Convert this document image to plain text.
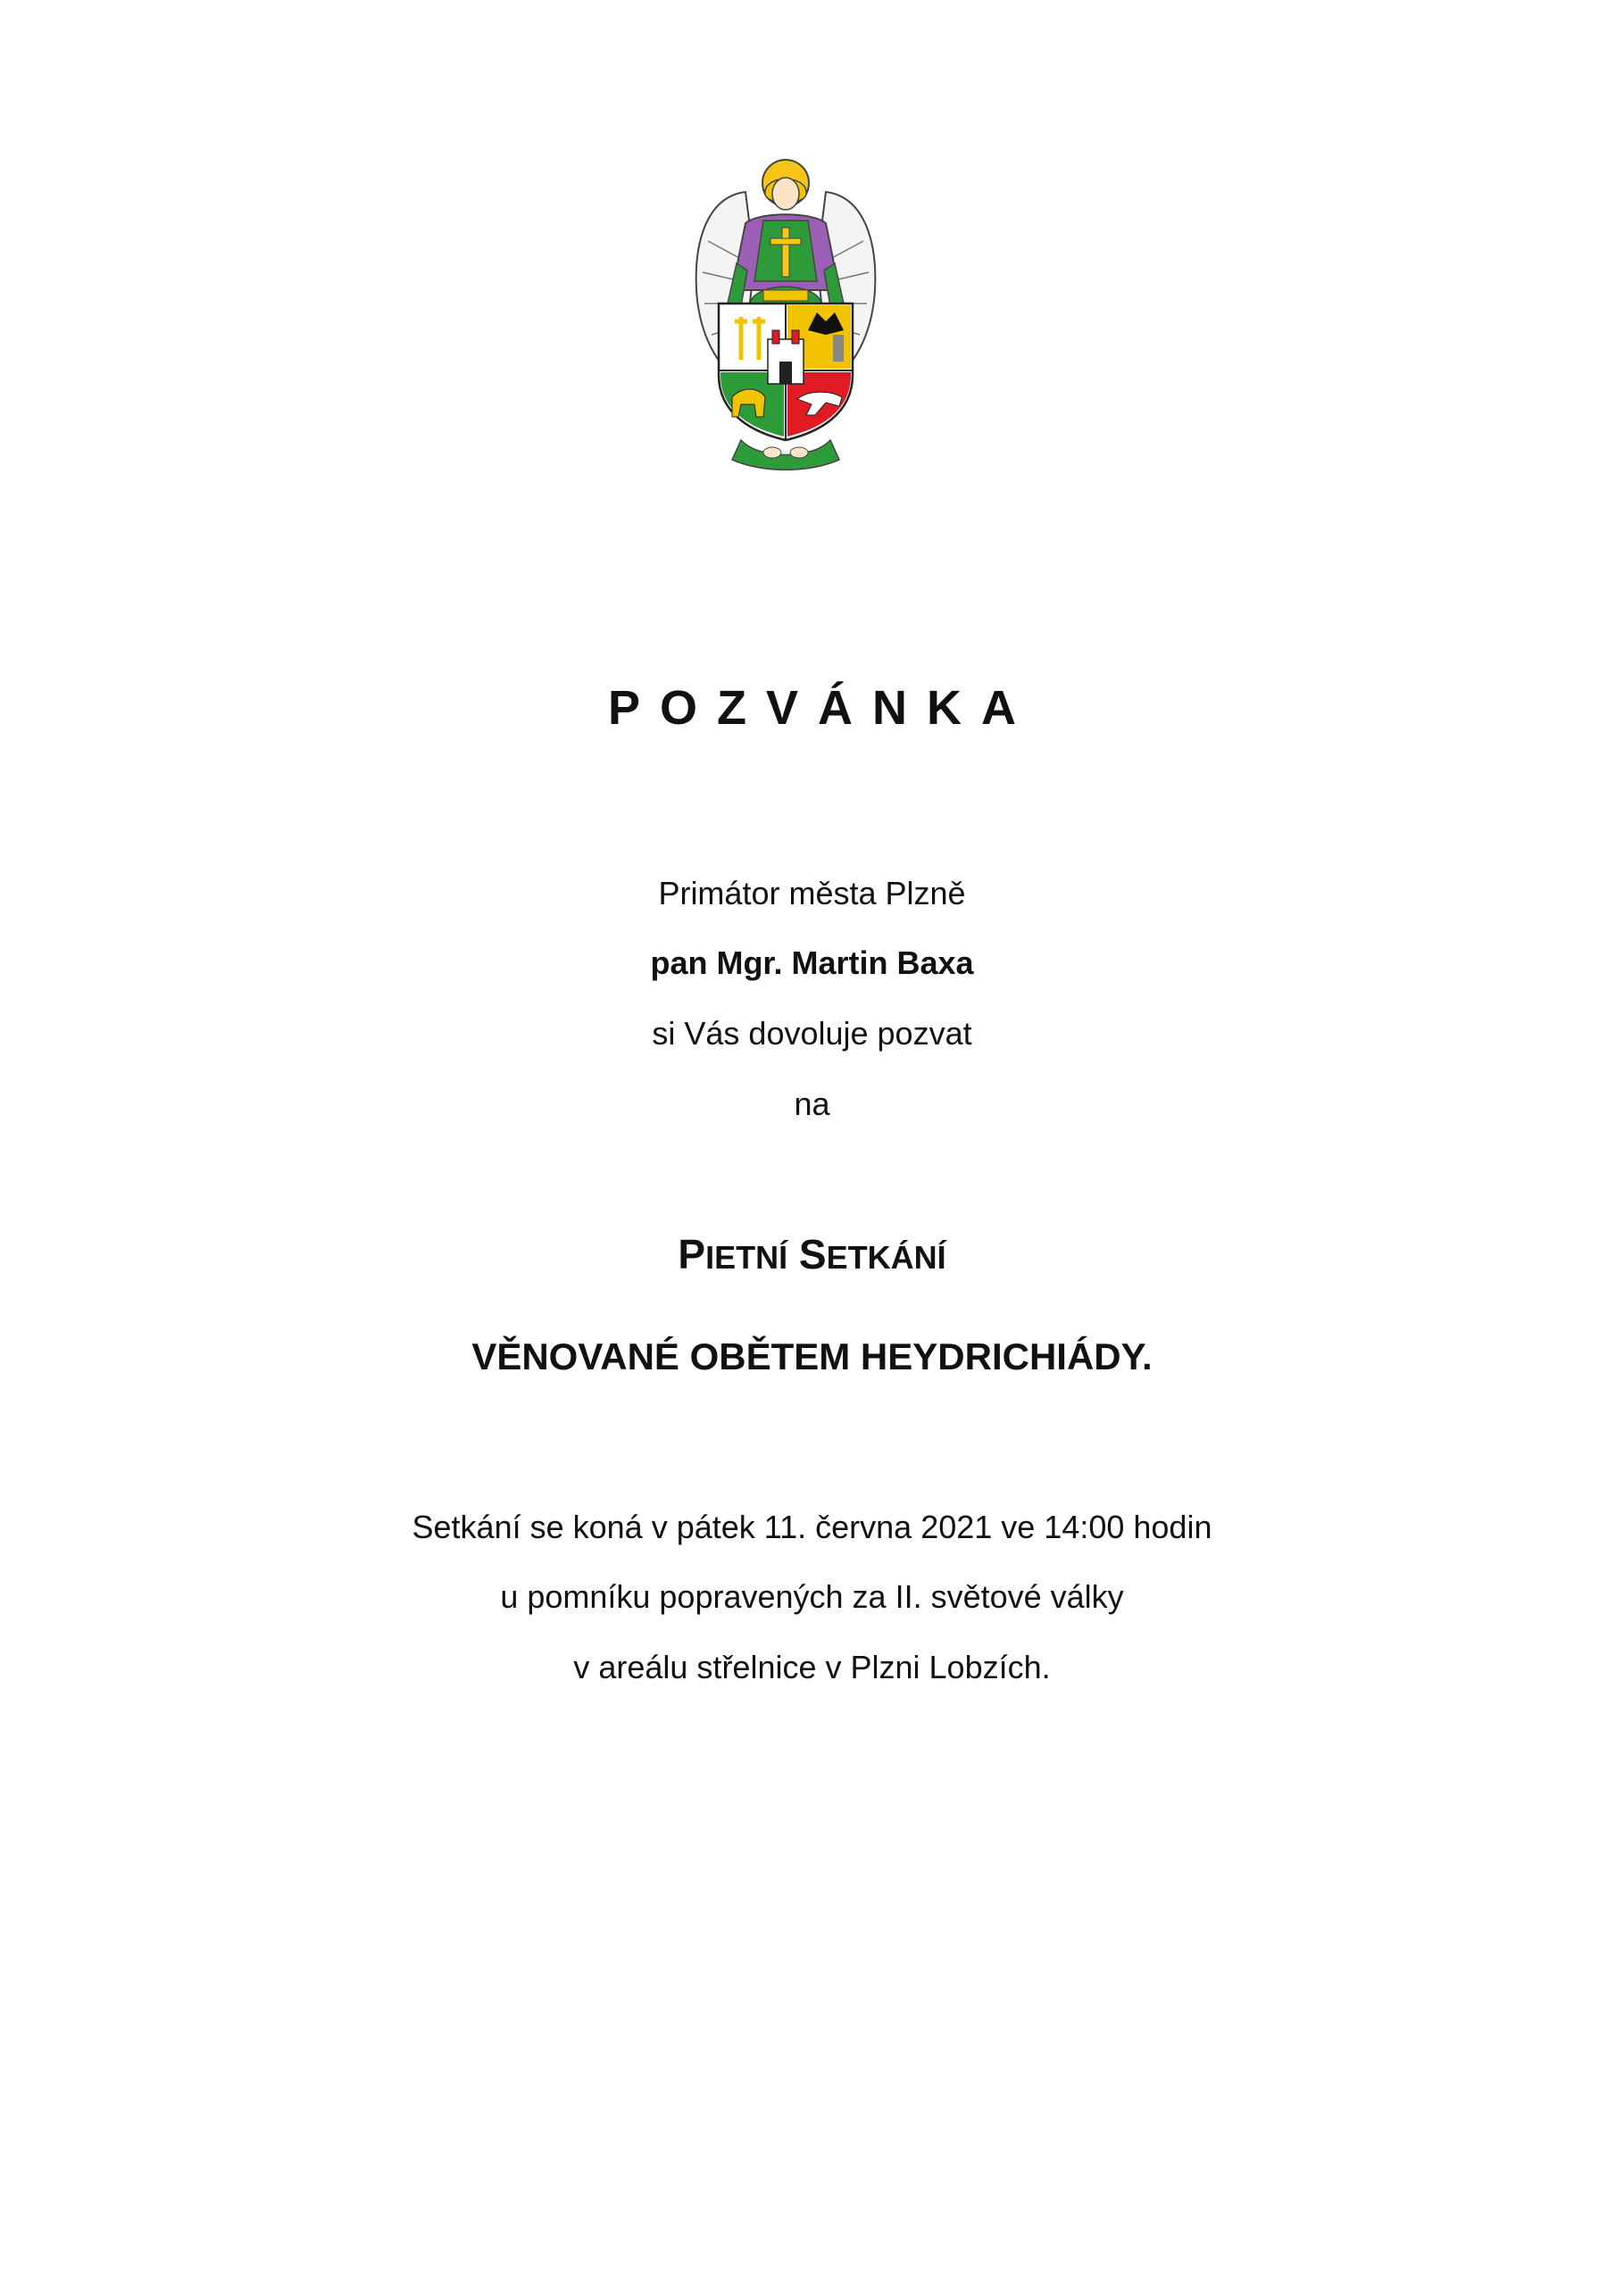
POZVÁNKA
Primátor města Plzně
pan Mgr. Martin Baxa
si Vás dovoluje pozvat
na
PIETNÍ SETKÁNÍ
VĚNOVANÉ OBĚTEM HEYDRICHIÁDY.
Setkání se koná v pátek 11. června 2021 ve 14:00 hodin
u pomníku popravených za II. světové války
v areálu střelnice v Plzni Lobzích.
